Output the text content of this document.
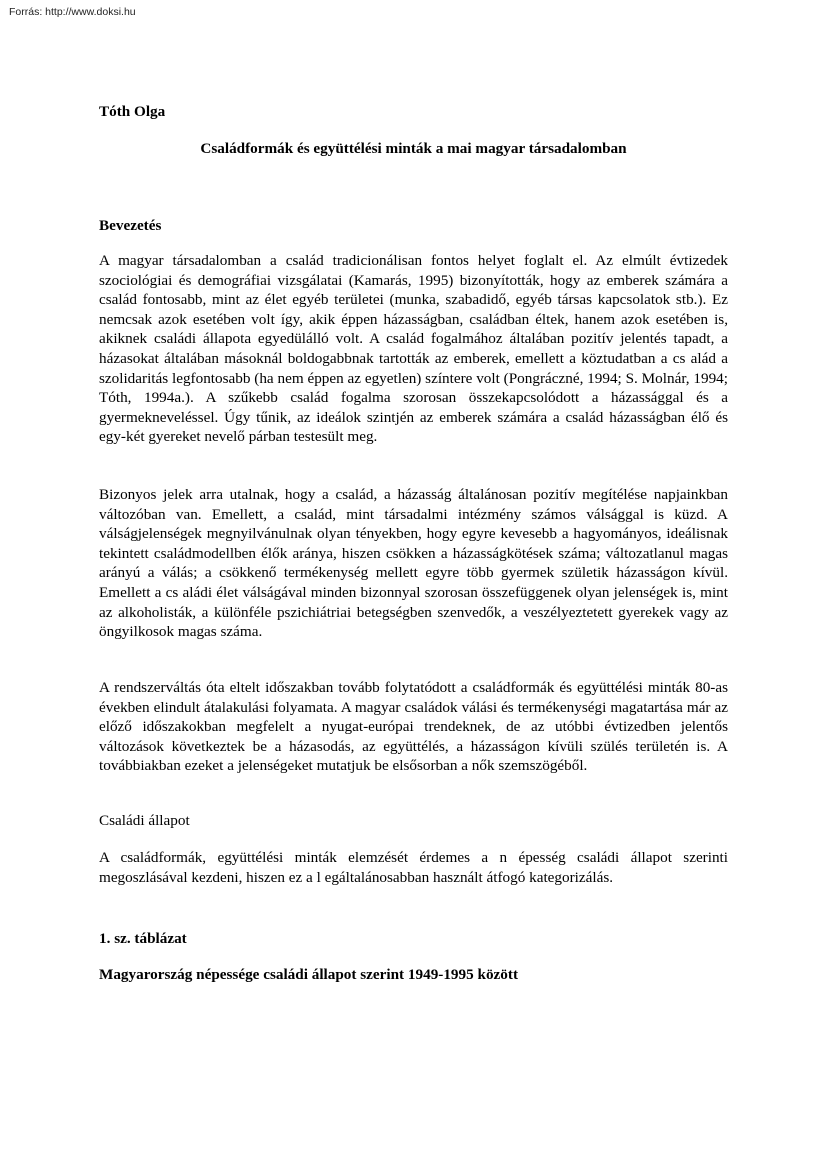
Forrás: http://www.doksi.hu
Tóth Olga
Családformák és együttélési minták a mai magyar társadalomban
Bevezetés

A magyar társadalomban a család tradicionálisan fontos helyet foglalt el. Az elmúlt évtizedek szociológiai és demográfiai vizsgálatai (Kamarás, 1995) bizonyították, hogy az emberek számára a család fontosabb, mint az élet egyéb területei (munka, szabadidő, egyéb társas kapcsolatok stb.). Ez nemcsak azok esetében volt így, akik éppen házasságban, családban éltek, hanem azok esetében is, akiknek családi állapota egyedülálló volt. A család fogalmához általában pozitív jelentés tapadt, a házasokat általában másoknál boldogabbnak tartották az emberek, emellett a köztudatban a cs alád a szolidaritás legfontosabb (ha nem éppen az egyetlen) színtere volt (Pongráczné, 1994; S. Molnár, 1994; Tóth, 1994a.). A szűkebb család fogalma szorosan összekapcsolódott a házassággal és a gyermekneveléssel. Úgy tűnik, az ideálok szintjén az emberek számára a család házasságban élő és egy-két gyereket nevelő párban testesült meg.

Bizonyos jelek arra utalnak, hogy a család, a házasság általánosan pozitív megítélése napjainkban változóban van. Emellett, a család, mint társadalmi intézmény számos válsággal is küzd. A válságjelenségek megnyilvánulnak olyan tényekben, hogy egyre kevesebb a hagyományos, ideálisnak tekintett családmodellben élők aránya, hiszen csökken a házasságkötések száma; változatlanul magas arányú a válás; a csökkenő termékenység mellett egyre több gyermek születik házasságon kívül. Emellett a cs aládi élet válságával minden bizonnyal szorosan összefüggenek olyan jelenségek is, mint az alkoholisták, a különféle pszichiátriai betegségben szenvedők, a veszélyeztetett gyerekek vagy az öngyilkosok magas száma.

A rendszerváltás óta eltelt időszakban tovább folytatódott a családformák és együttélési minták 80-as években elindult átalakulási folyamata. A magyar családok válási és termékenységi magatartása már az előző időszakokban megfelelt a nyugat-európai trendeknek, de az utóbbi évtizedben jelentős változások következtek be a házasodás, az együttélés, a házasságon kívüli szülés területén is. A továbbiakban ezeket a jelenségeket mutatjuk be elsősorban a nők szemszögéből.

Családi állapot

A családformák, együttélési minták elemzését érdemes a n épesség családi állapot szerinti megoszlásával kezdeni, hiszen ez a l egáltalánosabban használt átfogó kategorizálás.

1. sz. táblázat
Magyarország népessége családi állapot szerint 1949-1995 között
